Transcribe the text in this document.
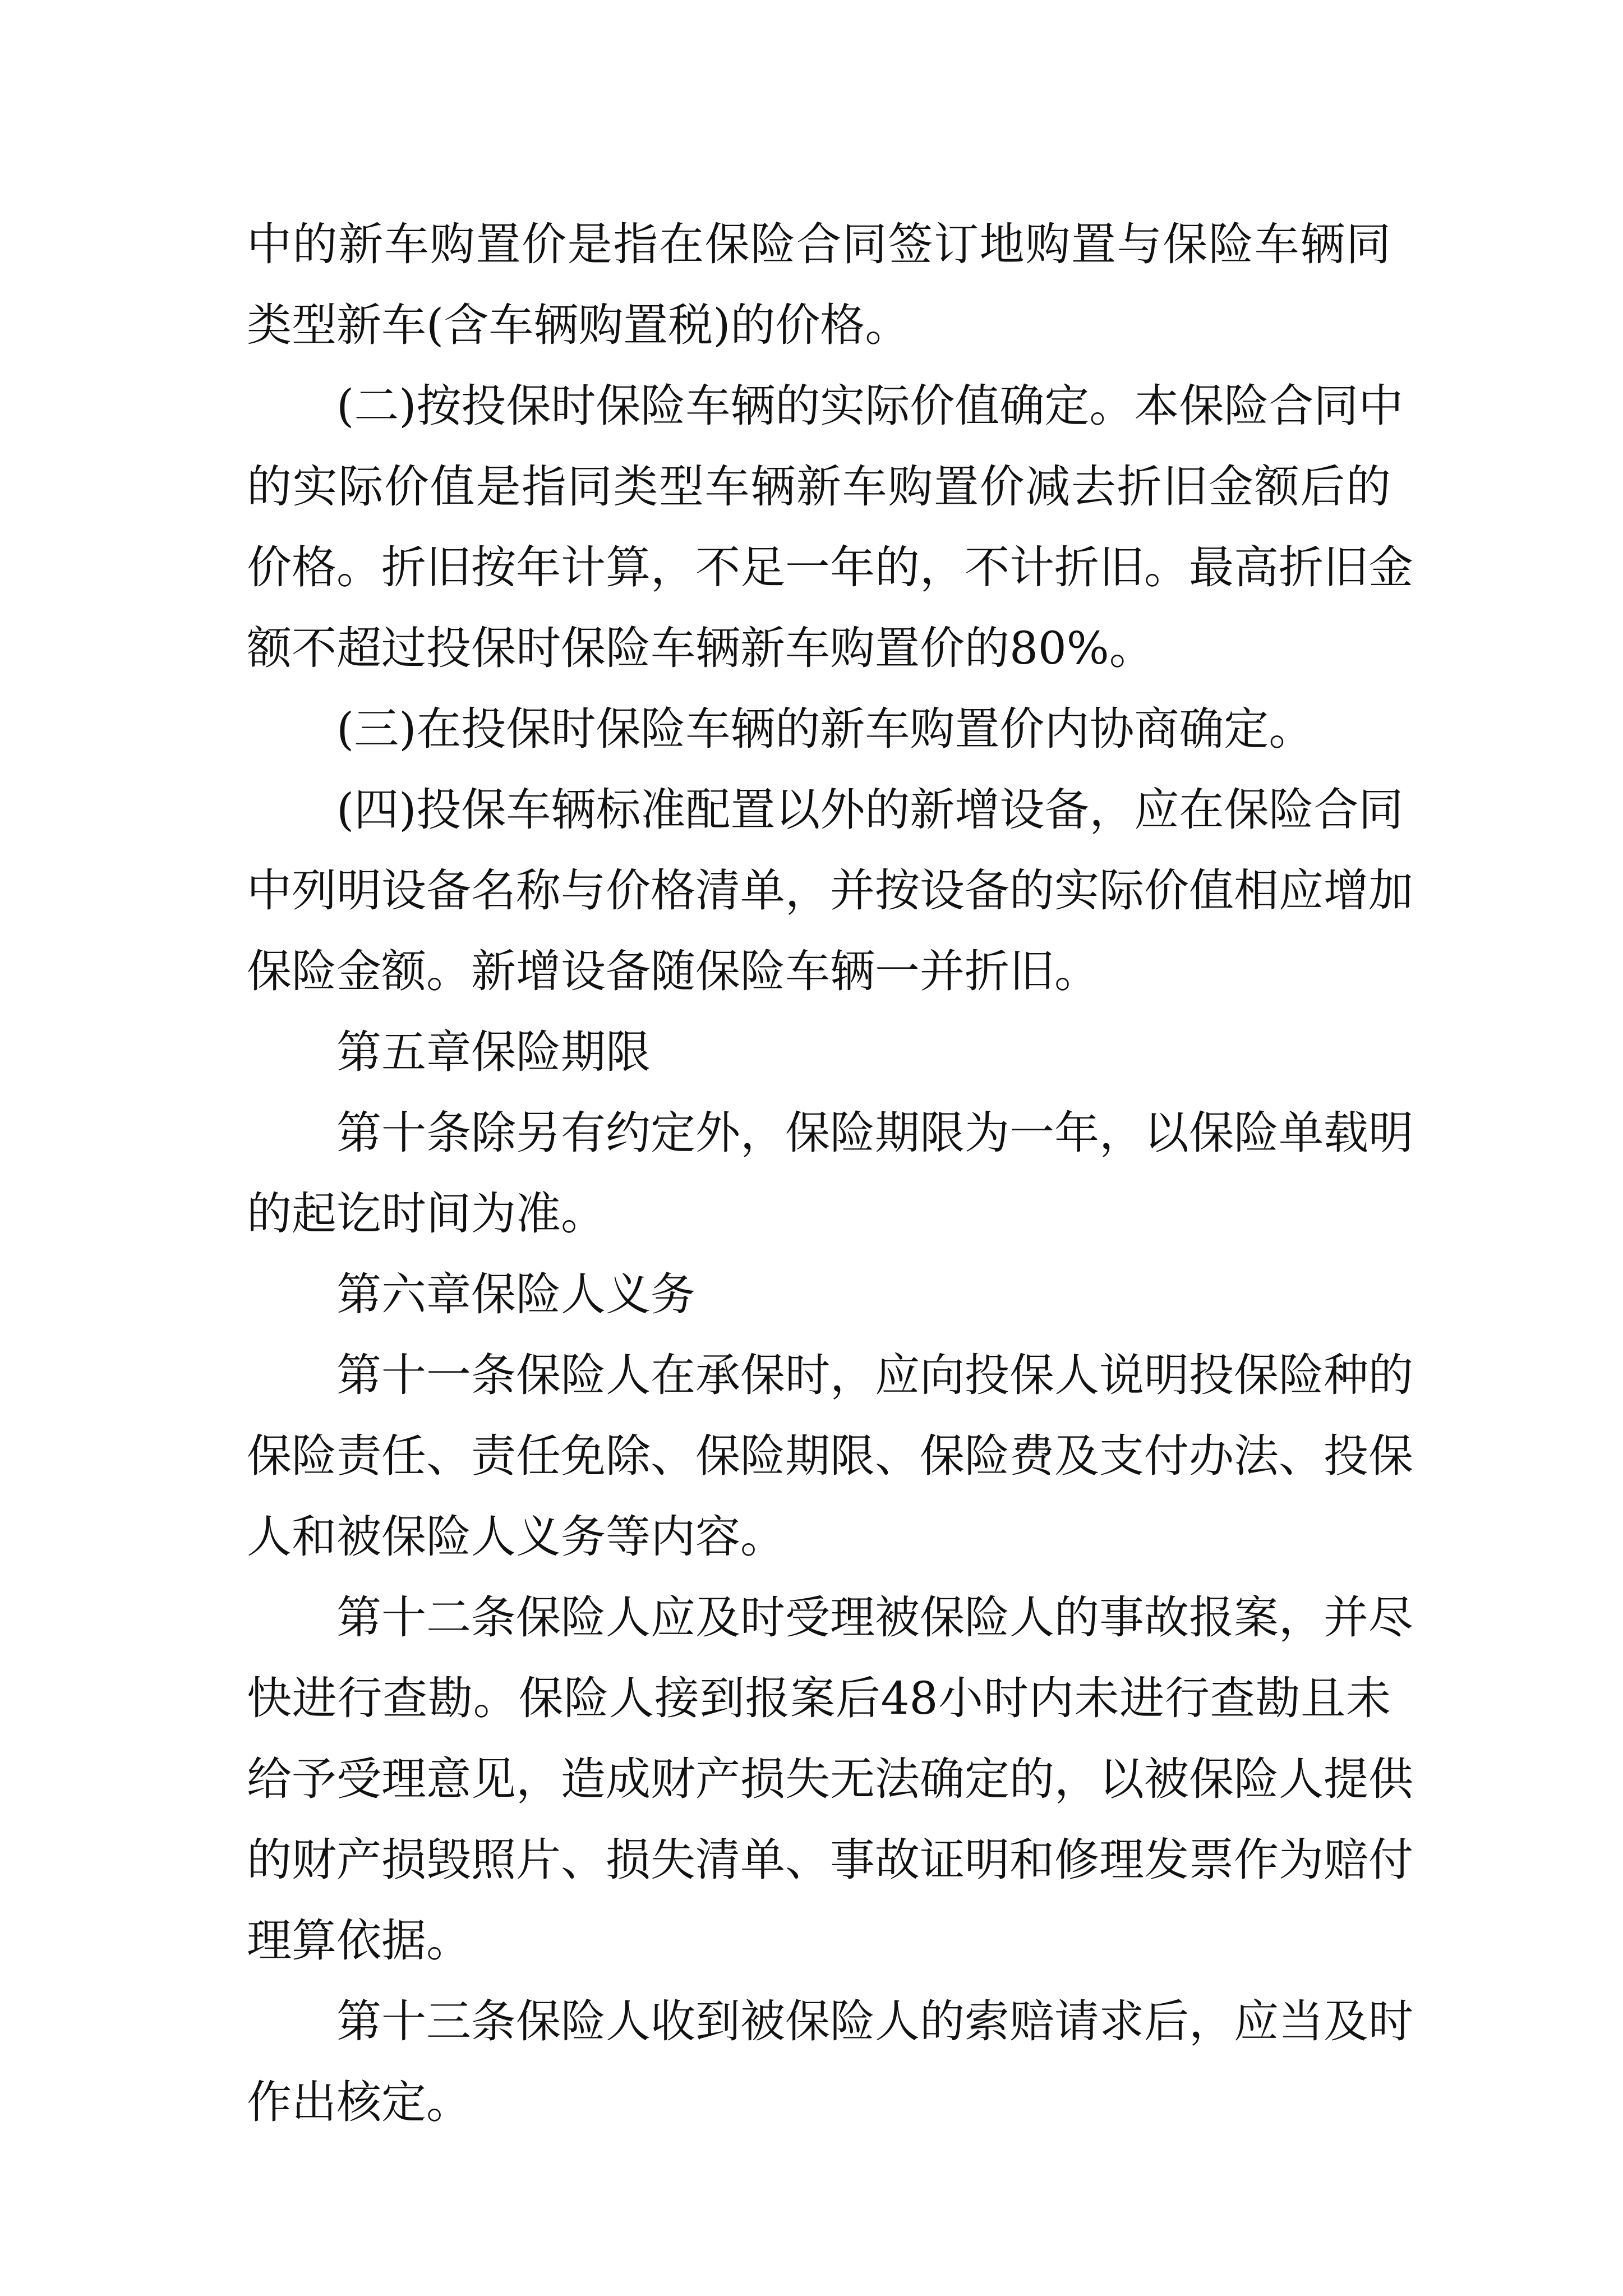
中的新车购置价是指在保险合同签订地购置与保险车辆同
类型新车(含车辆购置税)的价格。
(二)按投保时保险车辆的实际价值确定。本保险合同中
的实际价值是指同类型车辆新车购置价减去折旧金额后的
价格。折旧按年计算，不足一年的，不计折旧。最高折旧金
额不超过投保时保险车辆新车购置价的80%。
(三)在投保时保险车辆的新车购置价内协商确定。
(四)投保车辆标准配置以外的新增设备，应在保险合同
中列明设备名称与价格清单，并按设备的实际价值相应增加
保险金额。新增设备随保险车辆一并折旧。
第五章保险期限
第十条除另有约定外，保险期限为一年，以保险单载明
的起讫时间为准。
第六章保险人义务
第十一条保险人在承保时，应向投保人说明投保险种的
保险责任、责任免除、保险期限、保险费及支付办法、投保
人和被保险人义务等内容。
第十二条保险人应及时受理被保险人的事故报案，并尽
快进行查勘。保险人接到报案后48小时内未进行查勘且未
给予受理意见，造成财产损失无法确定的，以被保险人提供
的财产损毁照片、损失清单、事故证明和修理发票作为赔付
理算依据。
第十三条保险人收到被保险人的索赔请求后，应当及时
作出核定。
